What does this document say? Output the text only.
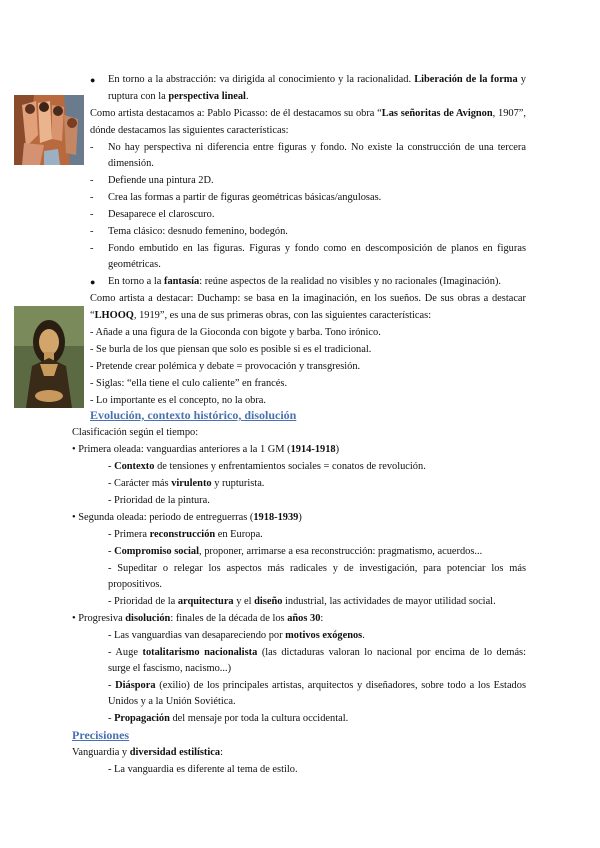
● En torno a la abstracción: va dirigida al conocimiento y la racionalidad. Liberación de la forma y
ruptura con la perspectiva lineal.
Como artista destacamos a: Pablo Picasso: de él destacamos su obra “Las señoritas de Avignon, 1907”,
dónde destacamos las siguientes características:
- No hay perspectiva ni diferencia entre figuras y fondo. No existe la construcción de una tercera
dimensión.
- Defiende una pintura 2D.
- Crea las formas a partir de figuras geométricas básicas/angulosas.
- Desaparece el claroscuro.
- Tema clásico: desnudo femenino, bodegón.
- Fondo embutido en las figuras. Figuras y fondo como en descomposición de planos en figuras
geométricas.
● En torno a la fantasía: reúne aspectos de la realidad no visibles y no racionales (Imaginación).
Como artista a destacar: Duchamp: se basa en la imaginación, en los sueños. De sus obras a destacar
“LHOOQ, 1919”, es una de sus primeras obras, con las siguientes características:
- Añade a una figura de la Gioconda con bigote y barba. Tono irónico.
- Se burla de los que piensan que solo es posible si es el tradicional.
- Pretende crear polémica y debate = provocación y transgresión.
- Siglas: “ella tiene el culo caliente” en francés.
- Lo importante es el concepto, no la obra.
Evolución, contexto histórico, disolución
Clasificación según el tiempo:
• Primera oleada: vanguardias anteriores a la 1 GM (1914-1918)
- Contexto de tensiones y enfrentamientos sociales = conatos de revolución.
- Carácter más virulento y rupturista.
- Prioridad de la pintura.
• Segunda oleada: periodo de entreguerras (1918-1939)
- Primera reconstrucción en Europa.
- Compromiso social, proponer, arrimarse a esa reconstrucción: pragmatismo, acuerdos...
- Supeditar o relegar los aspectos más radicales y de investigación, para potenciar los más
propositivos.
- Prioridad de la arquitectura y el diseño industrial, las actividades de mayor utilidad social.
• Progresiva disolución: finales de la década de los años 30:
- Las vanguardias van desapareciendo por motivos exógenos.
- Auge totalitarismo nacionalista (las dictaduras valoran lo nacional por encima de lo demás:
surge el fascismo, nacismo...)
- Diáspora (exilio) de los principales artistas, arquitectos y diseñadores, sobre todo a los Estados
Unidos y a la Unión Soviética.
- Propagación del mensaje por toda la cultura occidental.
Precisiones
Vanguardia y diversidad estilística:
- La vanguardia es diferente al tema de estilo.
